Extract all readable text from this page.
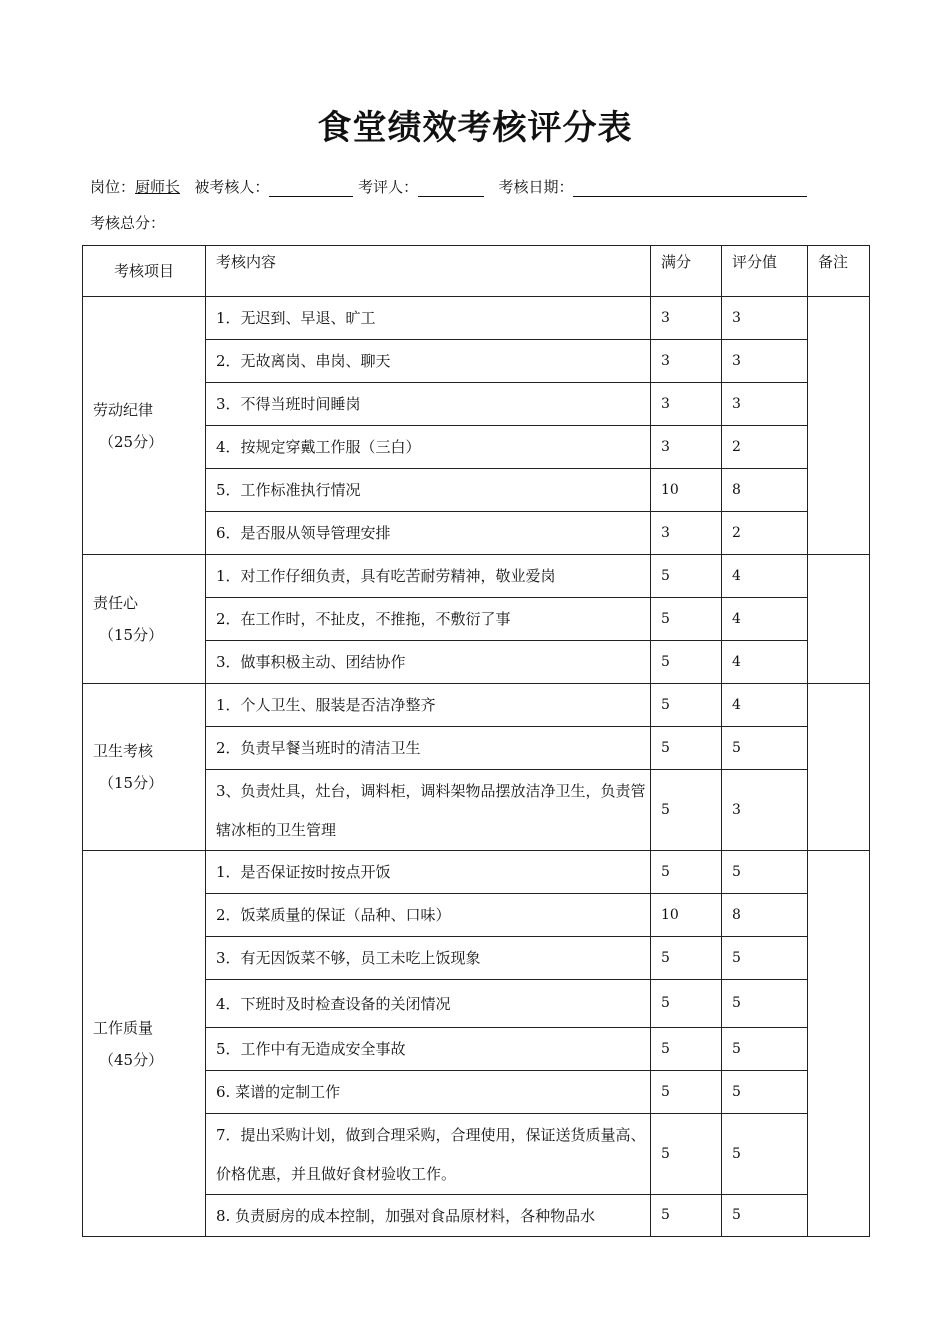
食堂绩效考核评分表
岗位：厨师长 被考核人：	考评人：	考核日期：
考核总分：
考核项目	考核内容	满分	评分值	备注

劳动纪律
（25分）	1．无迟到、早退、旷工	3	3	
	2．无故离岗、串岗、聊天	3	3	
	3．不得当班时间睡岗	3	3	
	4．按规定穿戴工作服（三白）	3	2	
	5．工作标准执行情况	10	8	
	6．是否服从领导管理安排	3	2	

责任心
（15分）	1．对工作仔细负责，具有吃苦耐劳精神，敬业爱岗	5	4	
	2．在工作时，不扯皮，不推拖，不敷衍了事	5	4	
	3．做事积极主动、团结协作	5	4	

卫生考核
（15分）	1．个人卫生、服装是否洁净整齐	5	4	
	2．负责早餐当班时的清洁卫生	5	5	
	3、负责灶具，灶台，调料柜，调料架物品摆放洁净卫生，负责管辖冰柜的卫生管理	5	3	

工作质量
（45分）	1．是否保证按时按点开饭	5	5	
	2．饭菜质量的保证（品种、口味）	10	8	
	3．有无因饭菜不够，员工未吃上饭现象	5	5	
	4．下班时及时检查设备的关闭情况	5	5	
	5．工作中有无造成安全事故	5	5	
	6. 菜谱的定制工作	5	5	
	7．提出采购计划，做到合理采购，合理使用，保证送货质量高、价格优惠，并且做好食材验收工作。	5	5	
	8. 负责厨房的成本控制，加强对食品原材料，各种物品水	5	5	
